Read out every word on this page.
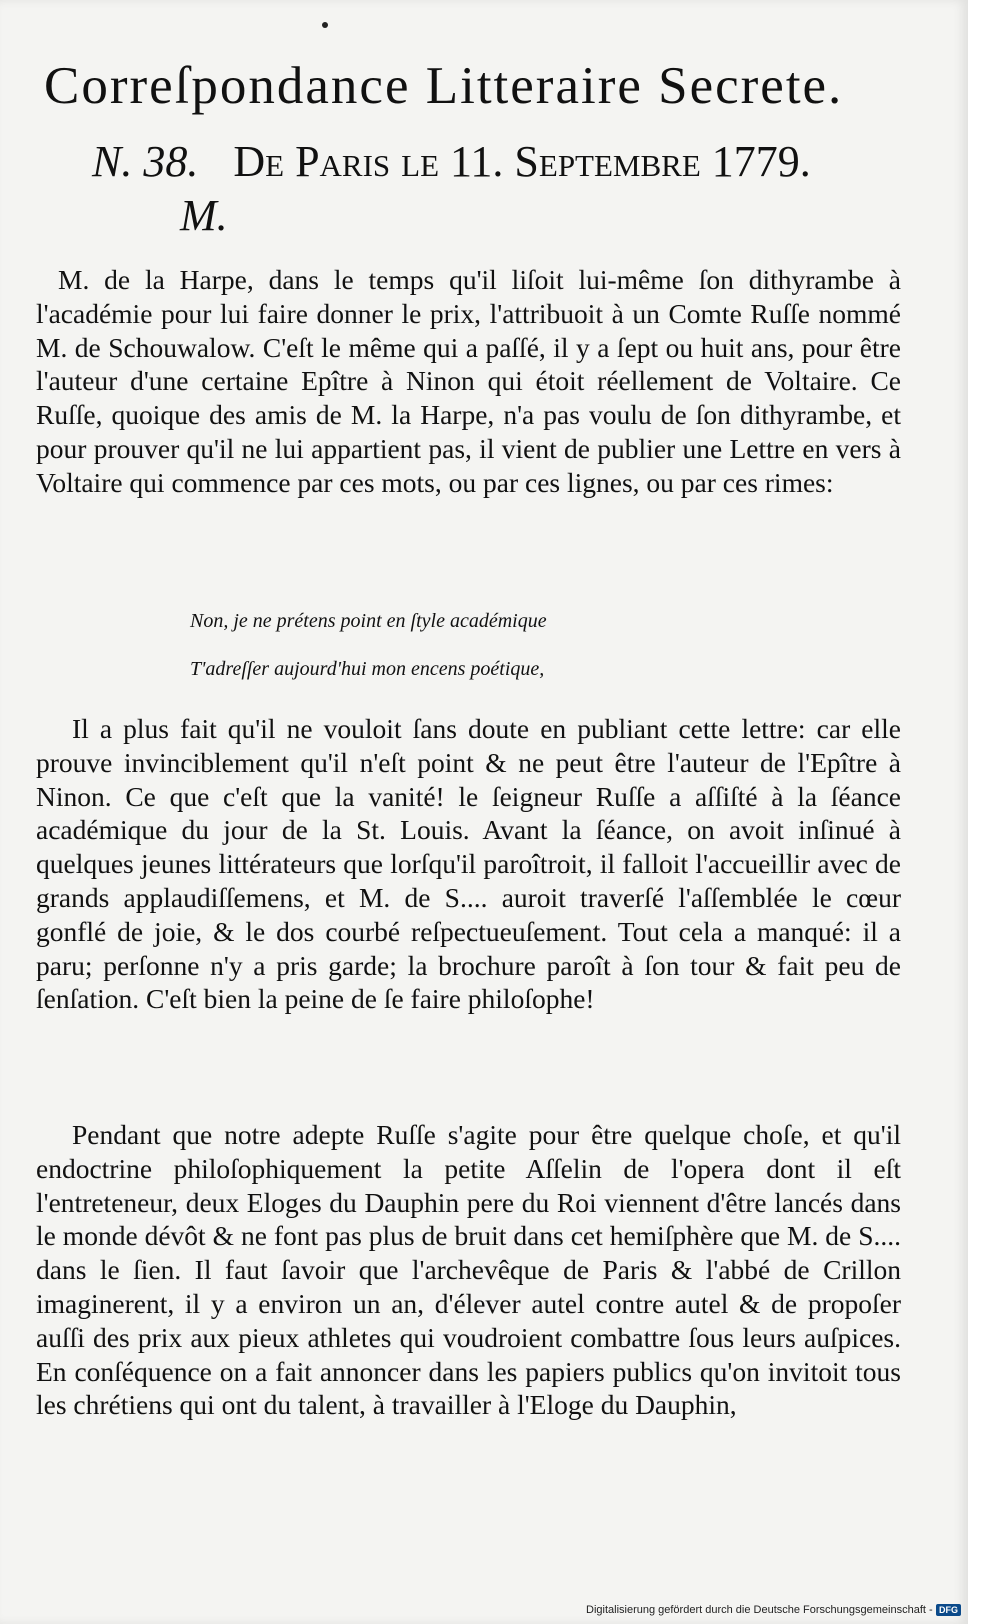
Correſpondance Litteraire Secrete.
N. 38. De Paris le 11. Septembre 1779.
M.
M. de la Harpe, dans le temps qu'il liſoit lui-même ſon dithyrambe à l'académie pour lui faire donner le prix, l'attribuoit à un Comte Ruſſe nommé M. de Schouwalow. C'eſt le même qui a paſſé, il y a ſept ou huit ans, pour être l'auteur d'une certaine Epître à Ninon qui étoit réellement de Voltaire. Ce Ruſſe, quoique des amis de M. la Harpe, n'a pas voulu de ſon dithyrambe, et pour prouver qu'il ne lui appartient pas, il vient de publier une Lettre en vers à Voltaire qui commence par ces mots, ou par ces lignes, ou par ces rimes:
Non, je ne prétens point en ſtyle académique
T'adreſſer aujourd'hui mon encens poétique,
Il a plus fait qu'il ne vouloit ſans doute en publiant cette lettre: car elle prouve invinciblement qu'il n'eſt point & ne peut être l'auteur de l'Epître à Ninon. Ce que c'eſt que la vanité! le ſeigneur Ruſſe a aſſiſté à la ſéance académique du jour de la St. Louis. Avant la ſéance, on avoit inſinué à quelques jeunes littérateurs que lorſqu'il paroîtroit, il falloit l'accueillir avec de grands applaudiſſemens, et M. de S.... auroit traverſé l'aſſemblée le cœur gonflé de joie, & le dos courbé reſpectueuſement. Tout cela a manqué: il a paru; perſonne n'y a pris garde; la brochure paroît à ſon tour & fait peu de ſenſation. C'eſt bien la peine de ſe faire philoſophe!
Pendant que notre adepte Ruſſe s'agite pour être quelque choſe, et qu'il endoctrine philoſophiquement la petite Aſſelin de l'opera dont il eſt l'entreteneur, deux Eloges du Dauphin pere du Roi viennent d'être lancés dans le monde dévôt & ne font pas plus de bruit dans cet hemiſphère que M. de S.... dans le ſien. Il faut ſavoir que l'archevêque de Paris & l'abbé de Crillon imaginerent, il y a environ un an, d'élever autel contre autel & de propoſer auſſi des prix aux pieux athletes qui voudroient combattre ſous leurs auſpices. En conſéquence on a fait annoncer dans les papiers publics qu'on invitoit tous les chrétiens qui ont du talent, à travailler à l'Eloge du Dauphin,
Digitalisierung gefördert durch die Deutsche Forschungsgemeinschaft - DFG
